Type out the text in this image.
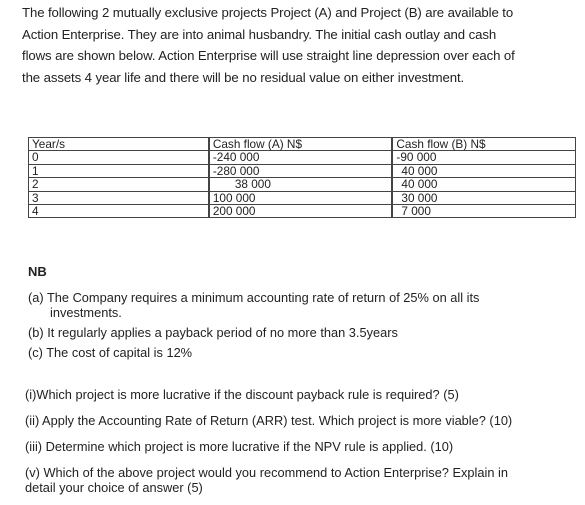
The following 2 mutually exclusive projects Project (A) and Project (B) are available to
Action Enterprise. They are into animal husbandry. The initial cash outlay and cash
flows are shown below. Action Enterprise will use straight line depression over each of
the assets 4 year life and there will be no residual value on either investment.
Year/s		Cash flow (A) N$		Cash flow (B) N$
0		-240 000		-90 000
1		-280 000		40 000
2		38 000		40 000
3		100 000		30 000
4		200 000		7 000
NB
(a) The Company requires a minimum accounting rate of return of 25% on all its
investments.
(b) It regularly applies a payback period of no more than 3.5years
(c) The cost of capital is 12%
(i)Which project is more lucrative if the discount payback rule is required? (5)
(ii) Apply the Accounting Rate of Return (ARR) test. Which project is more viable? (10)
(iii) Determine which project is more lucrative if the NPV rule is applied. (10)
(v) Which of the above project would you recommend to Action Enterprise? Explain in
detail your choice of answer (5)
